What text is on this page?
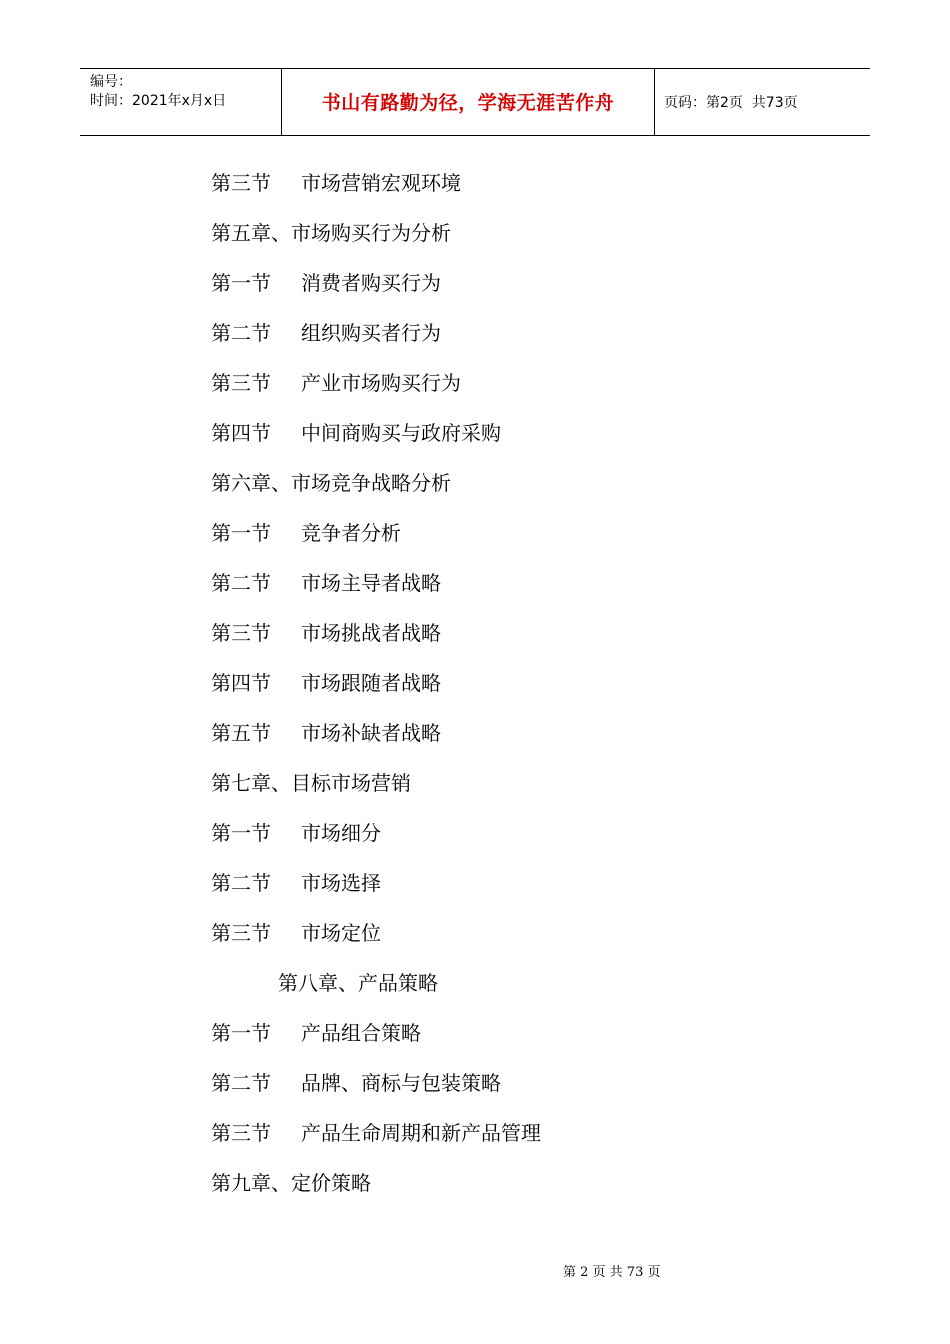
编号：
时间：2021年x月x日	书山有路勤为径，学海无涯苦作舟	页码：第2页  共73页
第三节 市场营销宏观环境
第五章、市场购买行为分析
第一节 消费者购买行为
第二节 组织购买者行为
第三节 产业市场购买行为
第四节 中间商购买与政府采购
第六章、市场竞争战略分析
第一节 竞争者分析
第二节 市场主导者战略
第三节 市场挑战者战略
第四节 市场跟随者战略
第五节 市场补缺者战略
第七章、目标市场营销
第一节 市场细分
第二节 市场选择
第三节 市场定位
第八章、产品策略
第一节 产品组合策略
第二节 品牌、商标与包装策略
第三节 产品生命周期和新产品管理
第九章、定价策略

第 2 页 共 73 页
